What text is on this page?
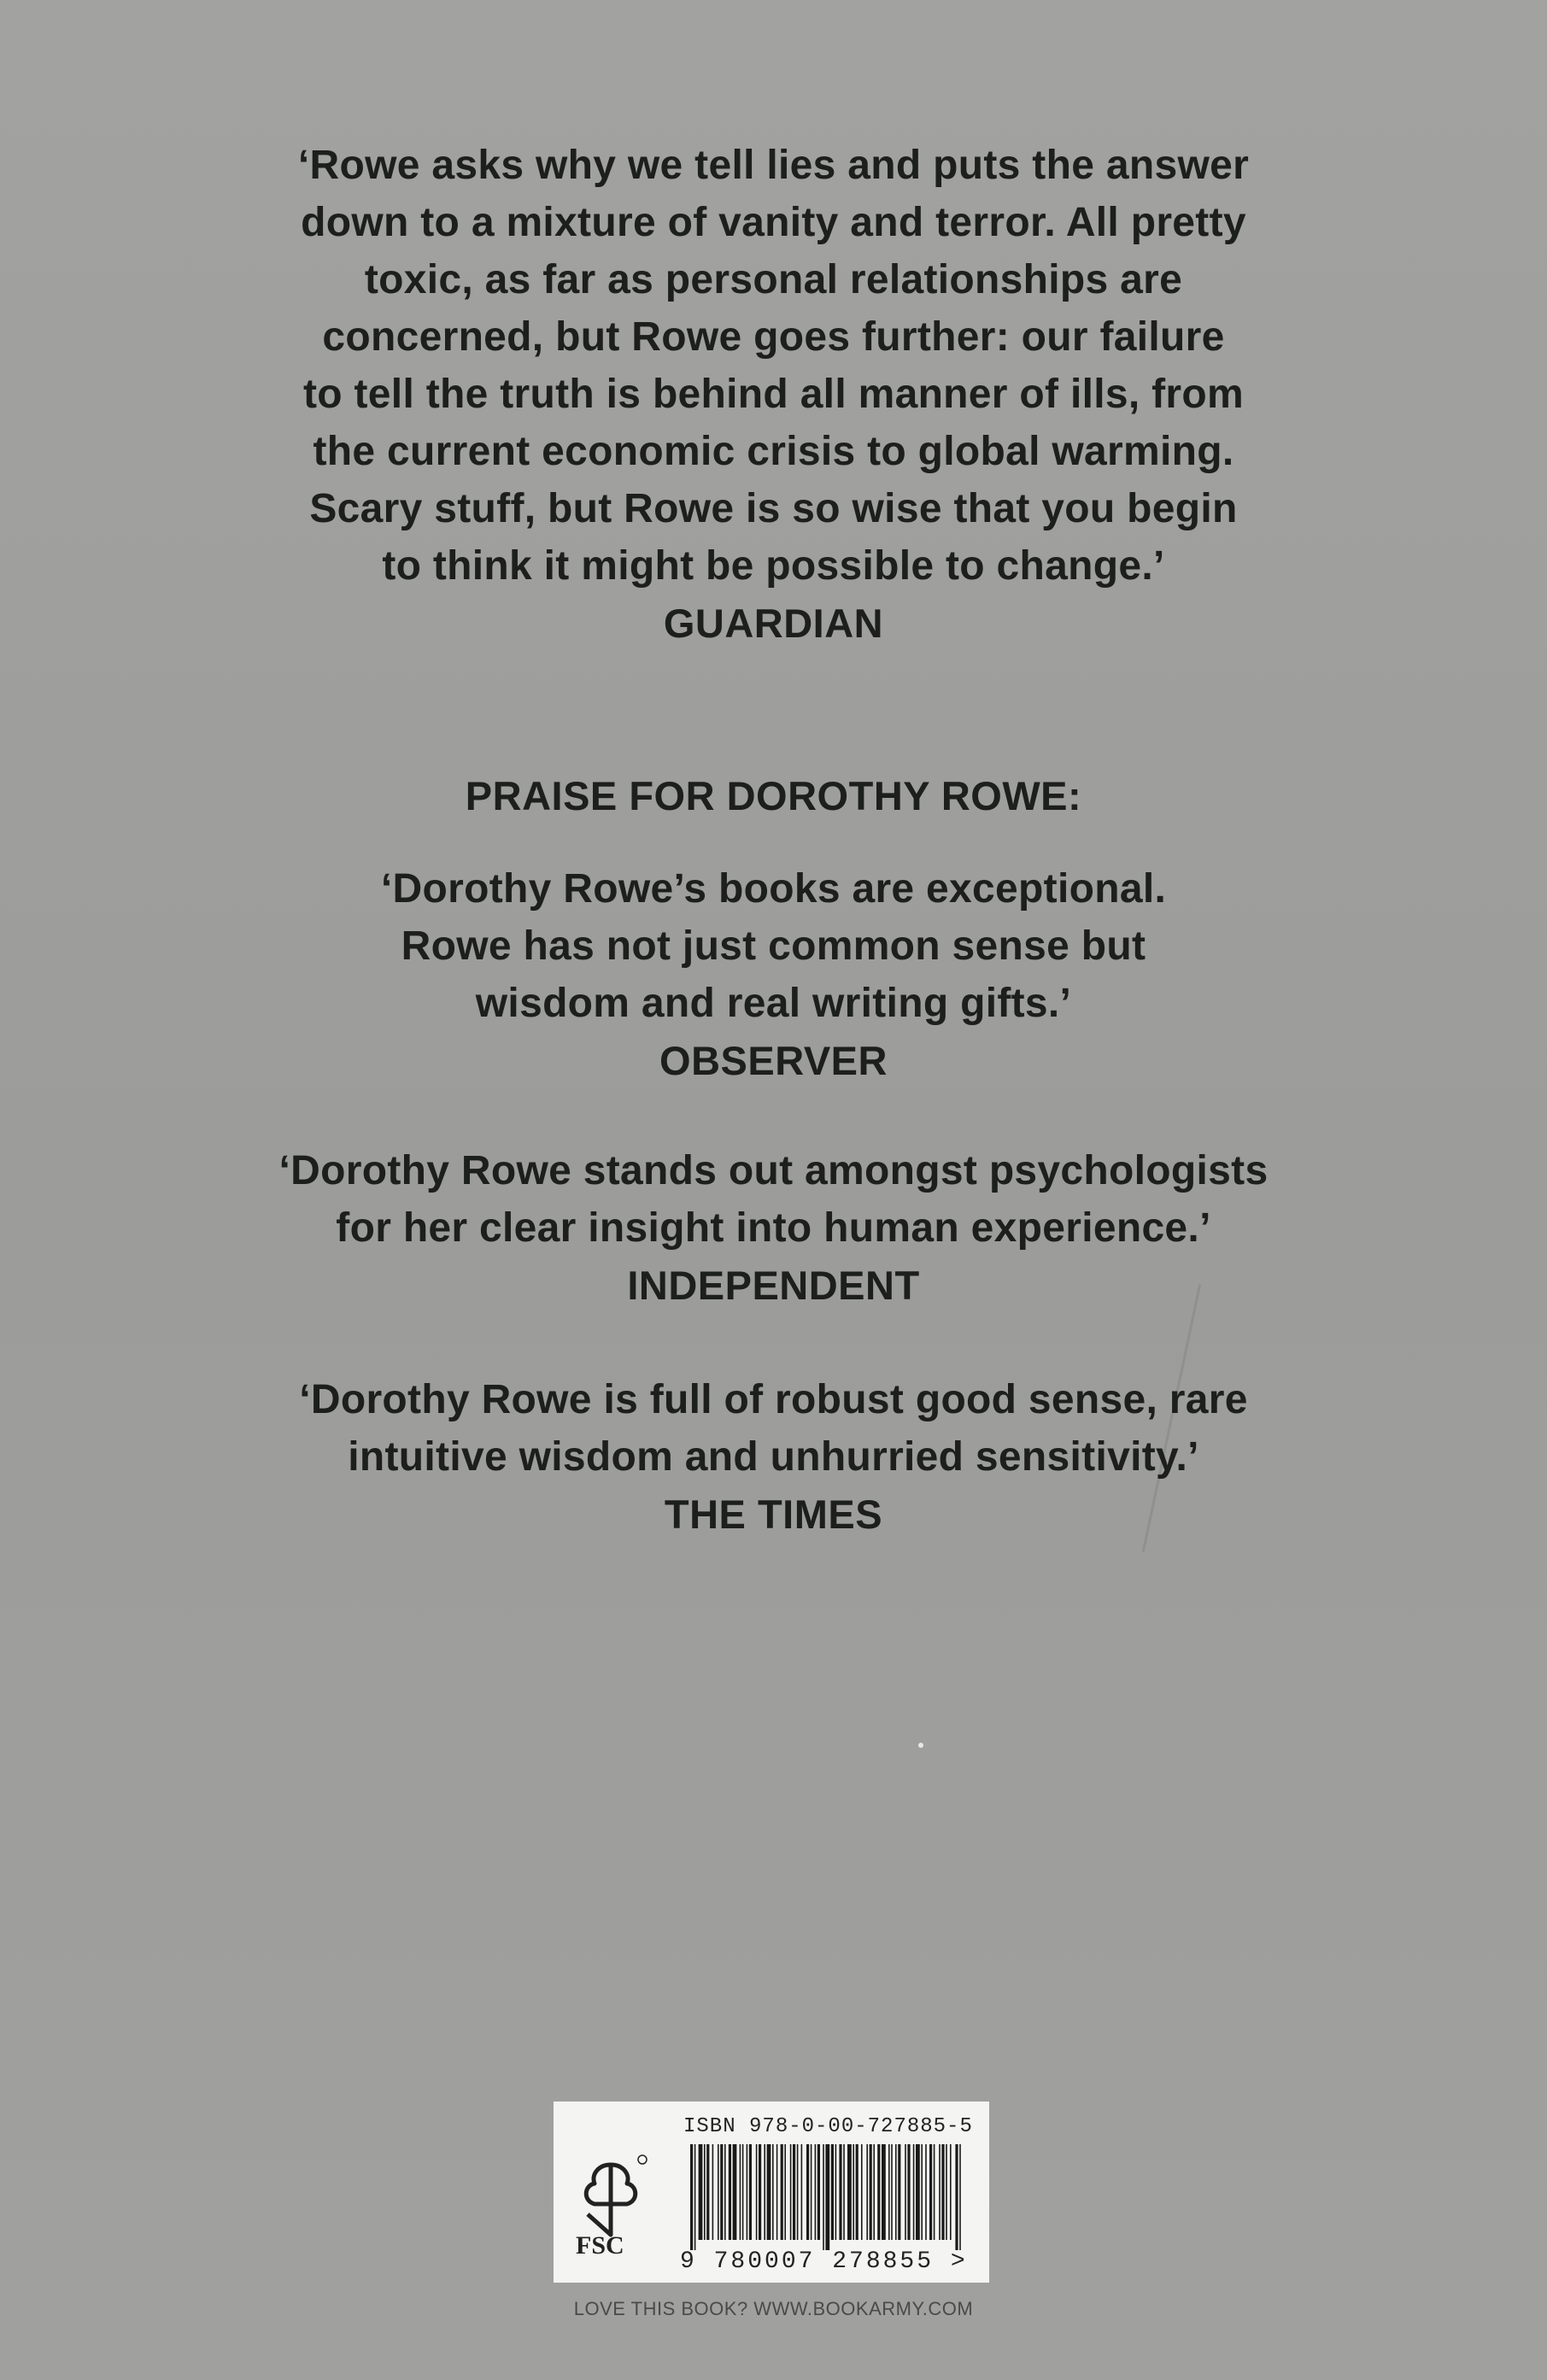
‘Rowe asks why we tell lies and puts the answer

down to a mixture of vanity and terror. All pretty

toxic, as far as personal relationships are

concerned, but Rowe goes further: our failure

to tell the truth is behind all manner of ills, from

the current economic crisis to global warming.

Scary stuff, but Rowe is so wise that you begin

to think it might be possible to change.’

GUARDIAN

PRAISE FOR DOROTHY ROWE:

‘Dorothy Rowe’s books are exceptional.

Rowe has not just common sense but

wisdom and real writing gifts.’

OBSERVER

‘Dorothy Rowe stands out amongst psychologists

for her clear insight into human experience.’

INDEPENDENT

‘Dorothy Rowe is full of robust good sense, rare

intuitive wisdom and unhurried sensitivity.’

THE TIMES

ISBN 978-0-00-727885-5
FSC
9 780007 278855 >
LOVE THIS BOOK? WWW.BOOKARMY.COM
